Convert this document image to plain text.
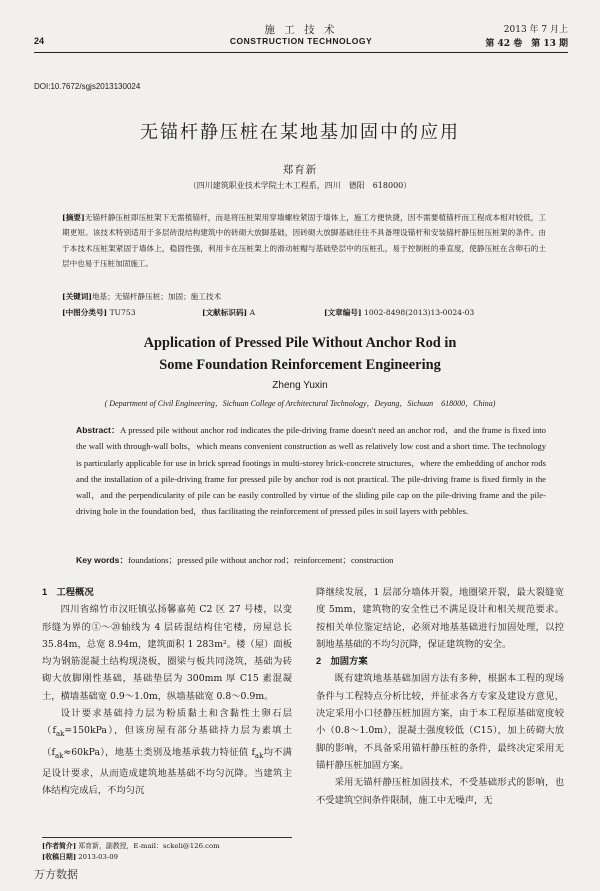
施 工 技 术
CONSTRUCTION TECHNOLOGY
24
2013 年 7 月上
第 42 卷　第 13 期
DOI:10.7672/sgjs2013130024
无锚杆静压桩在某地基加固中的应用
郑育新
（四川建筑职业技术学院土木工程系，四川　德阳　618000）
[摘要]无锚杆静压桩即压桩架下无需植锚杆，而是将压桩架用穿墙螺栓紧固于墙体上，施工方便快捷，因不需要植锚杆而工程成本相对较低，工期更短。该技术特别适用于多层砖混结构建筑中的砖砌大放脚基础，因砖砌大放脚基础往往不具备埋设锚杆和安装锚杆静压桩压桩架的条件。由于本技术压桩架紧固于墙体上，稳固性强，利用卡在压桩架上的滑动桩帽与基础垫层中的压桩孔，易于控制桩的垂直度，使静压桩在含卵石的土层中也易于压桩加固施工。
[关键词]地基；无锚杆静压桩；加固；施工技术
[中图分类号] TU753	[文献标识码] A	[文章编号] 1002-8498(2013)13-0024-03
Application of Pressed Pile Without Anchor Rod in
Some Foundation Reinforcement Engineering
Zheng Yuxin
( Department of Civil Engineering，Sichuan College of Architectural Technology，Deyang，Sichuan　618000，China)
Abstract：A pressed pile without anchor rod indicates the pile-driving frame doesn't need an anchor rod，and the frame is fixed into the wall with through-wall bolts，which means convenient construction as well as relatively low cost and a short time. The technology is particularly applicable for use in brick spread footings in multi-storey brick-concrete structures，where the embedding of anchor rods and the installation of a pile-driving frame for pressed pile by anchor rod is not practical. The pile-driving frame is fixed firmly in the wall，and the perpendicularity of pile can be easily controlled by virtue of the sliding pile cap on the pile-driving frame and the pile-driving hole in the foundation bed，thus facilitating the reinforcement of pressed piles in soil layers with pebbles.
Key words：foundations；pressed pile without anchor rod；reinforcement；construction
1　工程概况

四川省绵竹市汉旺镇弘扬馨嘉苑 C2 区 27 号楼，以变形缝为界的①～⑳轴线为 4 层砖混结构住宅楼，房屋总长 35.84m，总宽 8.94m，建筑面积 1 283m²。楼（屋）面板均为钢筋混凝土结构现浇板，圈梁与板共同浇筑，基础为砖砌大放脚刚性基础，基础垫层为 300mm 厚 C15 素混凝土，横墙基础宽 0.9～1.0m，纵墙基础宽 0.8～0.9m。

设计要求基础持力层为粉质黏土和含黏性土卵石层$(f_{ak}=150kPa)$，但该房屋有部分基础持力层为素填土$(f_{ak}\approx 60kPa)$，地基土类别及地基承载力特征值 $f_{ak}$均不满足设计要求，从而造成建筑地基基础不均匀沉降。当建筑主体结构完成后，不均匀沉

降继续发展，1 层部分墙体开裂，地圈梁开裂，最大裂缝宽度 5mm，建筑物的安全性已不满足设计和相关规范要求。按相关单位鉴定结论，必须对地基基础进行加固处理，以控制地基基础的不均匀沉降，保证建筑物的安全。

2　加固方案

既有建筑地基基础加固方法有多种，根据本工程的现场条件与工程特点分析比较，并征求各方专家及建设方意见，决定采用小口径静压桩加固方案，由于本工程原基础宽度较小（0.8～1.0m），混凝土强度较低（C15），加上砖砌大放脚的影响，不具备采用锚杆静压桩的条件，最终决定采用无锚杆静压桩加固方案。

采用无锚杆静压桩加固技术，不受基础形式的影响，也不受建筑空间条件限制，施工中无噪声，无

[作者简介] 郑育新，副教授，E-mail：sckeli@126.com
[收稿日期] 2013-03-09
万方数据
